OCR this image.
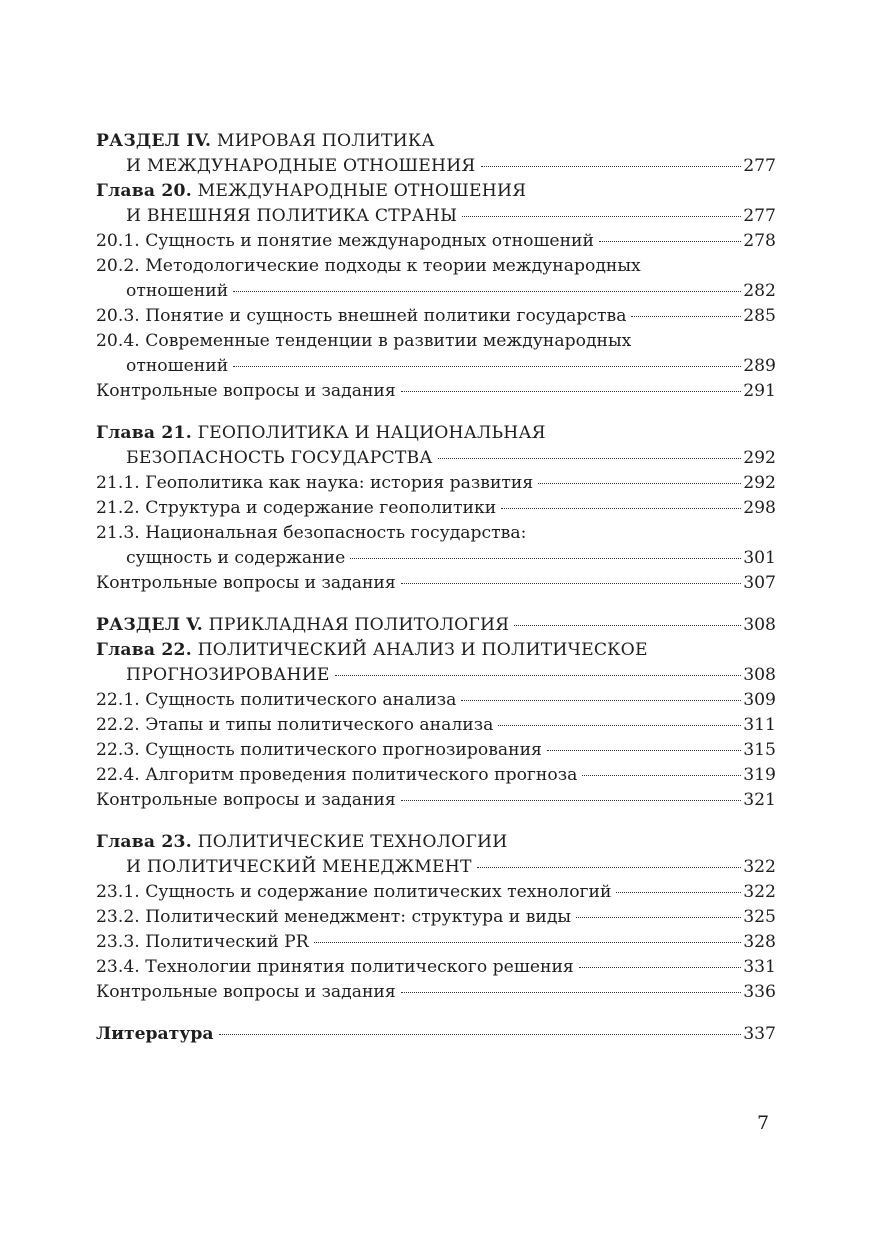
РАЗДЕЛ IV. МИРОВАЯ ПОЛИТИКА
И МЕЖДУНАРОДНЫЕ ОТНОШЕНИЯ	277
Глава 20. МЕЖДУНАРОДНЫЕ ОТНОШЕНИЯ
И ВНЕШНЯЯ ПОЛИТИКА СТРАНЫ	277
20.1. Сущность и понятие международных отношений	278
20.2. Методологические подходы к теории международных
отношений	282
20.3. Понятие и сущность внешней политики государства	285
20.4. Современные тенденции в развитии международных
отношений	289
Контрольные вопросы и задания	291
Глава 21. ГЕОПОЛИТИКА И НАЦИОНАЛЬНАЯ
БЕЗОПАСНОСТЬ ГОСУДАРСТВА	292
21.1. Геополитика как наука: история развития	292
21.2. Структура и содержание геополитики	298
21.3. Национальная безопасность государства:
сущность и содержание	301
Контрольные вопросы и задания	307
РАЗДЕЛ V. ПРИКЛАДНАЯ ПОЛИТОЛОГИЯ	308
Глава 22. ПОЛИТИЧЕСКИЙ АНАЛИЗ И ПОЛИТИЧЕСКОЕ
ПРОГНОЗИРОВАНИЕ	308
22.1. Сущность политического анализа	309
22.2. Этапы и типы политического анализа	311
22.3. Сущность политического прогнозирования	315
22.4. Алгоритм проведения политического прогноза	319
Контрольные вопросы и задания	321
Глава 23. ПОЛИТИЧЕСКИЕ ТЕХНОЛОГИИ
И ПОЛИТИЧЕСКИЙ МЕНЕДЖМЕНТ	322
23.1. Сущность и содержание политических технологий	322
23.2. Политический менеджмент: структура и виды	325
23.3. Политический PR	328
23.4. Технологии принятия политического решения	331
Контрольные вопросы и задания	336
Литература	337
7
